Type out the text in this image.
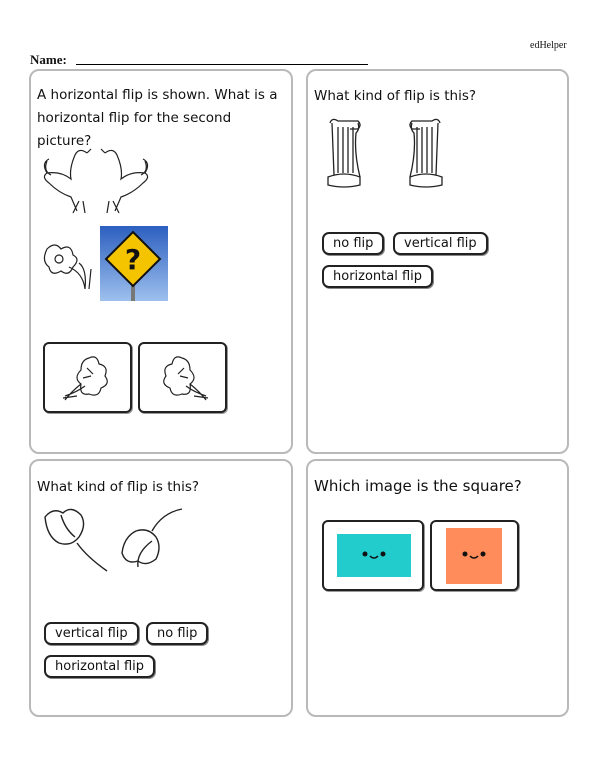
edHelper
Name:
A horizontal flip is shown. What is a horizontal flip for the second picture?
?
What kind of flip is this?
no flip	vertical flip
horizontal flip
What kind of flip is this?
vertical flip	no flip
horizontal flip
Which image is the square?
